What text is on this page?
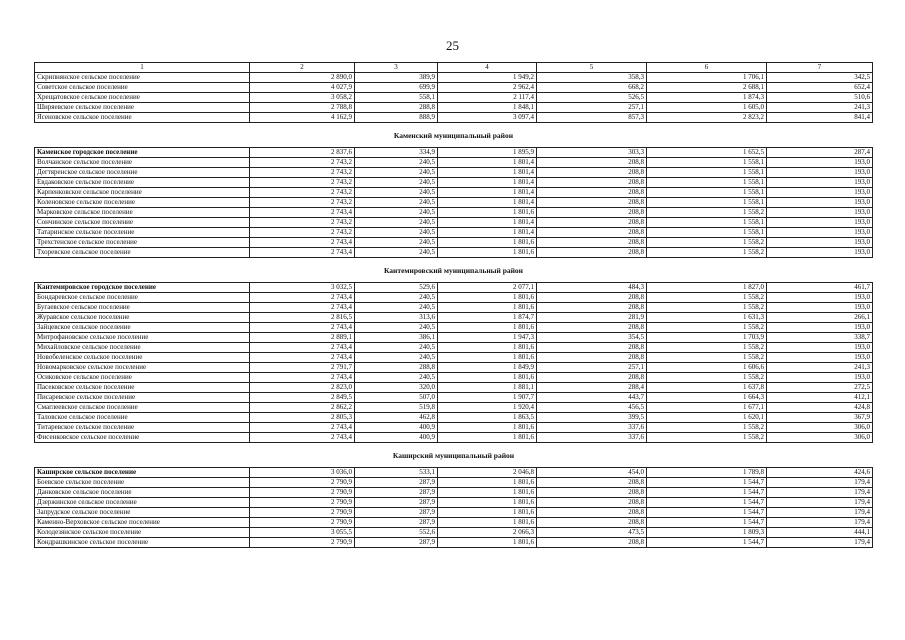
25
1	2	3	4	5	6	7
Скрипнянское сельское поселение	2 890,0	389,9	1 949,2	358,3	1 706,1	342,5
Советское сельское поселение	4 027,9	699,9	2 962,4	668,2	2 688,1	652,4
Хрещатовское сельское поселение	3 058,2	558,1	2 117,4	526,5	1 874,3	510,6
Ширяевское сельское поселение	2 788,8	288,8	1 848,1	257,1	1 605,0	241,3
Ясеновское сельское поселение	4 162,9	888,9	3 097,4	857,3	2 823,2	841,4
Каменский муниципальный район						
Каменское городское поселение	2 837,6	334,9	1 895,9	303,3	1 652,5	287,4
Волчанское сельское поселение	2 743,2	240,5	1 801,4	208,8	1 558,1	193,0
Дегтяренское сельское поселение	2 743,2	240,5	1 801,4	208,8	1 558,1	193,0
Евдаковское сельское поселение	2 743,2	240,5	1 801,4	208,8	1 558,1	193,0
Карпенковское сельское поселение	2 743,2	240,5	1 801,4	208,8	1 558,1	193,0
Коленовское сельское поселение	2 743,2	240,5	1 801,4	208,8	1 558,1	193,0
Марковское сельское поселение	2 743,4	240,5	1 801,6	208,8	1 558,2	193,0
Сончинское сельское поселение	2 743,2	240,5	1 801,4	208,8	1 558,1	193,0
Татаринское сельское поселение	2 743,2	240,5	1 801,4	208,8	1 558,1	193,0
Трехстенское сельское поселение	2 743,4	240,5	1 801,6	208,8	1 558,2	193,0
Тхоревское сельское поселение	2 743,4	240,5	1 801,6	208,8	1 558,2	193,0
Кантемировский муниципальный район						
Кантемировское городское поселение	3 032,5	529,6	2 077,1	484,3	1 827,0	461,7
Бондаревское сельское поселение	2 743,4	240,5	1 801,6	208,8	1 558,2	193,0
Бугаевское сельское поселение	2 743,4	240,5	1 801,6	208,8	1 558,2	193,0
Журавское сельское поселение	2 816,5	313,6	1 874,7	281,9	1 631,3	266,1
Зайцевское сельское поселение	2 743,4	240,5	1 801,6	208,8	1 558,2	193,0
Митрофановское сельское поселение	2 889,1	386,1	1 947,3	354,5	1 703,9	338,7
Михайловское сельское поселение	2 743,4	240,5	1 801,6	208,8	1 558,2	193,0
Новобеленское сельское поселение	2 743,4	240,5	1 801,6	208,8	1 558,2	193,0
Новомарковское сельское поселение	2 791,7	288,8	1 849,9	257,1	1 606,6	241,3
Осиковское сельское поселение	2 743,4	240,5	1 801,6	208,8	1 558,2	193,0
Пасековское сельское поселение	2 823,0	320,0	1 881,1	288,4	1 637,8	272,5
Писаревское сельское поселение	2 849,5	507,0	1 907,7	443,7	1 664,3	412,1
Смаглеевское сельское поселение	2 862,2	519,8	1 920,4	456,5	1 677,1	424,8
Таловское сельское поселение	2 805,3	462,8	1 863,5	399,5	1 620,1	367,9
Титаревское сельское поселение	2 743,4	400,9	1 801,6	337,6	1 558,2	306,0
Фисенковское сельское поселение	2 743,4	400,9	1 801,6	337,6	1 558,2	306,0
Каширский муниципальный район						
Каширское сельское поселение	3 036,0	533,1	2 046,8	454,0	1 789,8	424,6
Боевское сельское поселение	2 790,9	287,9	1 801,6	208,8	1 544,7	179,4
Данковское сельское поселение	2 790,9	287,9	1 801,6	208,8	1 544,7	179,4
Дзержинское сельское поселение	2 790,9	287,9	1 801,6	208,8	1 544,7	179,4
Запрудское сельское поселение	2 790,9	287,9	1 801,6	208,8	1 544,7	179,4
Каменно-Верховское сельское поселение	2 790,9	287,9	1 801,6	208,8	1 544,7	179,4
Колодезянское сельское поселение	3 055,5	552,6	2 066,3	473,5	1 809,3	444,1
Кондрашкинское сельское поселение	2 790,9	287,9	1 801,6	208,8	1 544,7	179,4
